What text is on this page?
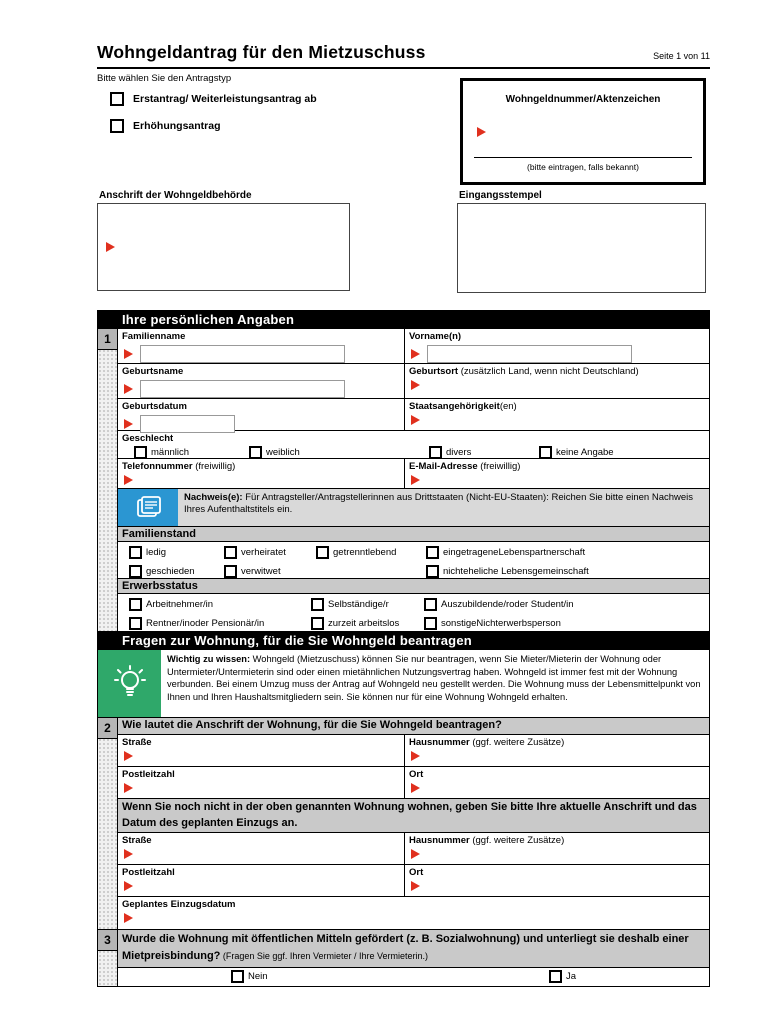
Wohngeldantrag für den Mietzuschuss	Seite 1 von 11
Bitte wählen Sie den Antragstyp
Erstantrag/ Weiterleistungsantrag ab
Erhöhungsantrag
Wohngeldnummer/Aktenzeichen
(bitte eintragen, falls bekannt)
Anschrift der Wohngeldbehörde	Eingangsstempel
Ihre persönlichen Angaben
1	Familienname	Vorname(n)
Geburtsname	Geburtsort (zusätzlich Land, wenn nicht Deutschland)
Geburtsdatum	Staatsangehörigkeit(en)
Geschlecht
männlich	weiblich	divers	keine Angabe
Telefonnummer (freiwillig)	E-Mail-Adresse (freiwillig)
Nachweis(e): Für Antragsteller/Antragstellerinnen aus Drittstaaten (Nicht-EU-Staaten): Reichen Sie bitte einen Nachweis Ihres Aufenthaltstitels ein.
Familienstand
ledig	verheiratet	getrenntlebend	eingetrageneLebenspartnerschaft
geschieden	verwitwet	nichteheliche Lebensgemeinschaft
Erwerbsstatus
Arbeitnehmer/in	Selbständige/r	Auszubildende/roder Student/in
Rentner/inoder Pensionär/in	zurzeit arbeitslos	sonstigeNichterwerbsperson
Fragen zur Wohnung, für die Sie Wohngeld beantragen
Wichtig zu wissen: Wohngeld (Mietzuschuss) können Sie nur beantragen, wenn Sie Mieter/Mieterin der Wohnung oder Untermieter/Untermieterin sind oder einen mietähnlichen Nutzungsvertrag haben. Wohngeld ist immer fest mit der Wohnung verbunden. Bei einem Umzug muss der Antrag auf Wohngeld neu gestellt werden. Die Wohnung muss der Lebensmittelpunkt von Ihnen und Ihren Haushaltsmitgliedern sein. Sie können nur für eine Wohnung Wohngeld erhalten.
2	Wie lautet die Anschrift der Wohnung, für die Sie Wohngeld beantragen?
Straße	Hausnummer (ggf. weitere Zusätze)
Postleitzahl	Ort
Wenn Sie noch nicht in der oben genannten Wohnung wohnen, geben Sie bitte Ihre aktuelle Anschrift und das Datum des geplanten Einzugs an.
Straße	Hausnummer (ggf. weitere Zusätze)
Postleitzahl	Ort
Geplantes Einzugsdatum
3	Wurde die Wohnung mit öffentlichen Mitteln gefördert (z. B. Sozialwohnung) und unterliegt sie deshalb einer Mietpreisbindung? (Fragen Sie ggf. Ihren Vermieter / Ihre Vermieterin.)
Nein	Ja
